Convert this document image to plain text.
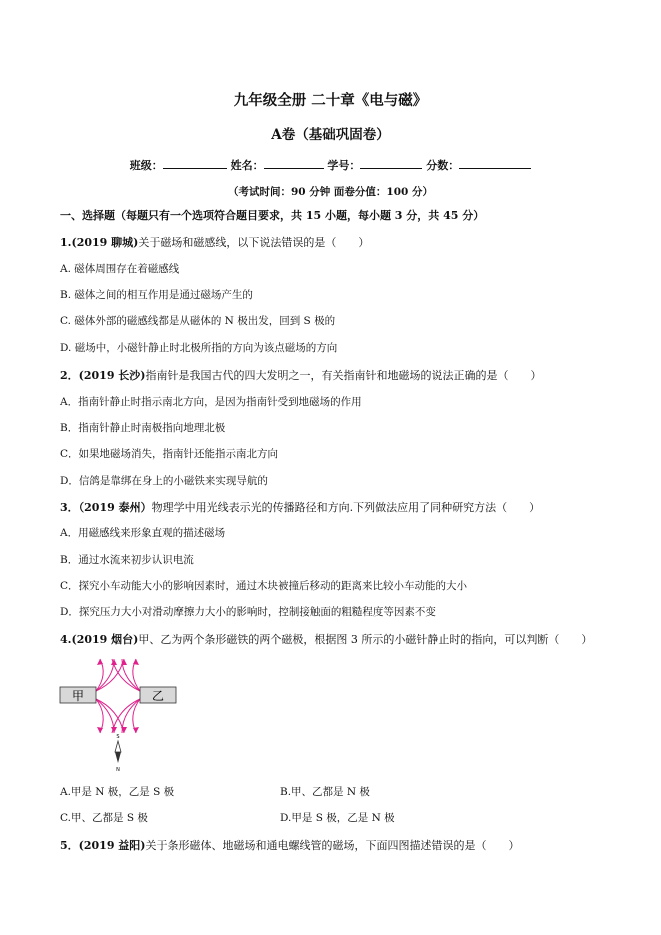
九年级全册 二十章《电与磁》
A卷（基础巩固卷）
班级：	姓名：	学号：	分数：
（考试时间：90 分钟 面卷分值：100 分）
一、选择题（每题只有一个选项符合题目要求，共 15 小题，每小题 3 分，共 45 分）
1.(2019 聊城)关于磁场和磁感线，以下说法错误的是（　　）
A. 磁体周围存在着磁感线
B. 磁体之间的相互作用是通过磁场产生的
C. 磁体外部的磁感线都是从磁体的 N 极出发，回到 S 极的
D. 磁场中，小磁针静止时北极所指的方向为该点磁场的方向
2．(2019 长沙)指南针是我国古代的四大发明之一，有关指南针和地磁场的说法正确的是（　　）
A．指南针静止时指示南北方向，是因为指南针受到地磁场的作用
B．指南针静止时南极指向地理北极
C．如果地磁场消失，指南针还能指示南北方向
D．信鸽是靠绑在身上的小磁铁来实现导航的
3．（2019 泰州）物理学中用光线表示光的传播路径和方向.下列做法应用了同种研究方法（　　）
A．用磁感线来形象直观的描述磁场
B．通过水流来初步认识电流
C．探究小车动能大小的影响因素时，通过木块被撞后移动的距离来比较小车动能的大小
D．探究压力大小对滑动摩擦力大小的影响时，控制接触面的粗糙程度等因素不变
4.(2019 烟台)甲、乙为两个条形磁铁的两个磁极，根据图 3 所示的小磁针静止时的指向，可以判断（　　）
甲	乙
S
N
A.甲是 N 极，乙是 S 极	B.甲、乙都是 N 极
C.甲、乙都是 S 极	D.甲是 S 极，乙是 N 极
5．(2019 益阳)关于条形磁体、地磁场和通电螺线管的磁场，下面四图描述错误的是（　　）
